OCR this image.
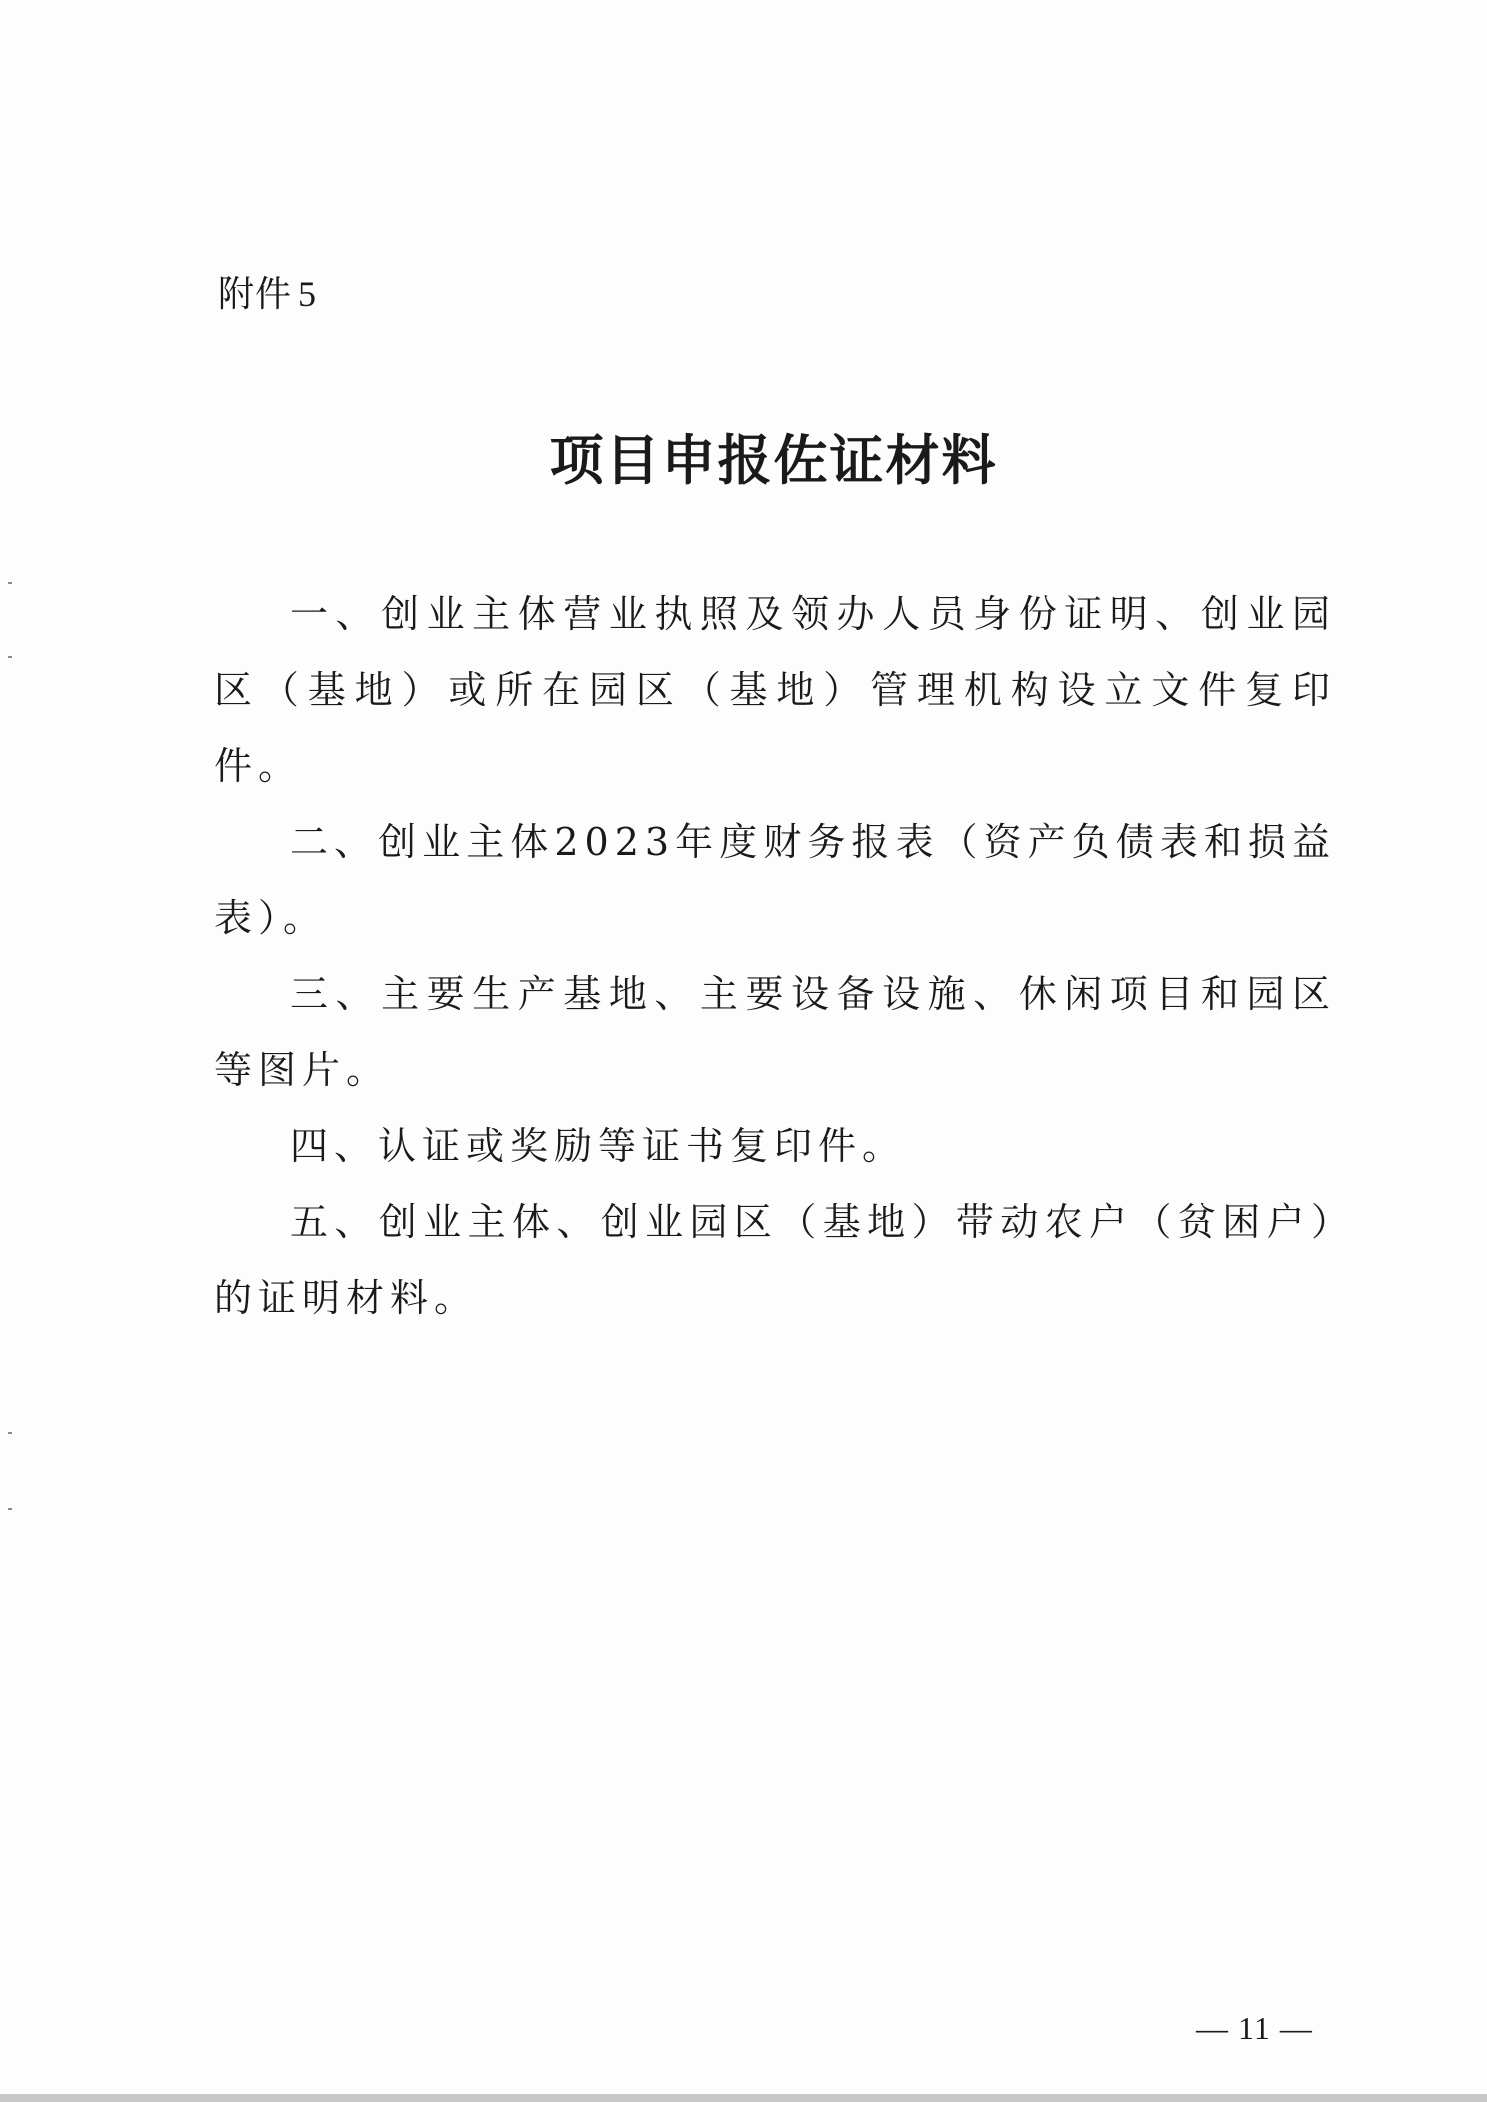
附件 5
项目申报佐证材料

一、创业主体营业执照及领办人员身份证明、创业园区（基地）或所在园区（基地）管理机构设立文件复印件。

二、创业主体2023年度财务报表（资产负债表和损益表）。

三、主要生产基地、主要设备设施、休闲项目和园区等图片。

四、认证或奖励等证书复印件。

五、创业主体、创业园区（基地）带动农户（贫困户）的证明材料。

— 11 —
